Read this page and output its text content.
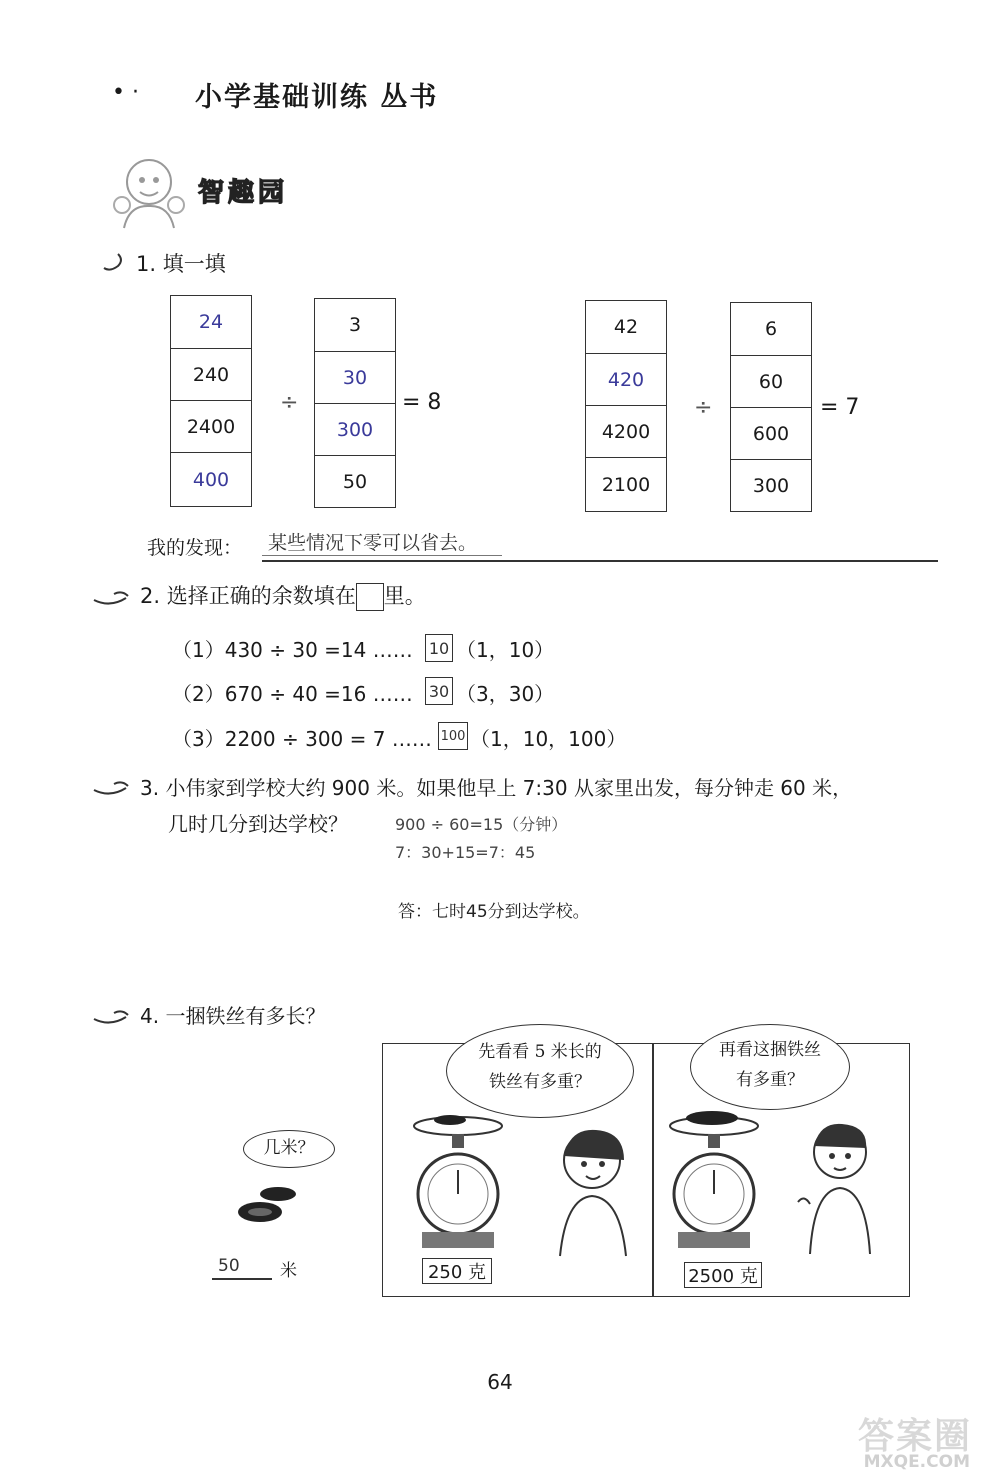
• · 小学基础训练 丛书
智趣园
1. 填一填
24
240
2400
400
÷
3
30
300
50
= 8
42
420
4200
2100
÷
6
60
600
300
= 7
我的发现： 某些情况下零可以省去。
2. 选择正确的余数填在 里。
（1）430 ÷ 30 =14 …… 10 （1，10）
（2）670 ÷ 40 =16 …… 30 （3，30）
（3）2200 ÷ 300 = 7 …… 100 （1，10，100）
3. 小伟家到学校大约 900 米。如果他早上 7:30 从家里出发，每分钟走 60 米，
几时几分到达学校？	900 ÷ 60=15（分钟）
7：30+15=7：45
答：七时45分到达学校。
4. 一捆铁丝有多长？
几米？
50 米
先看看 5 米长的
铁丝有多重？
再看这捆铁丝
有多重？
250 克	2500 克
64
答案圈
MXQE.COM
